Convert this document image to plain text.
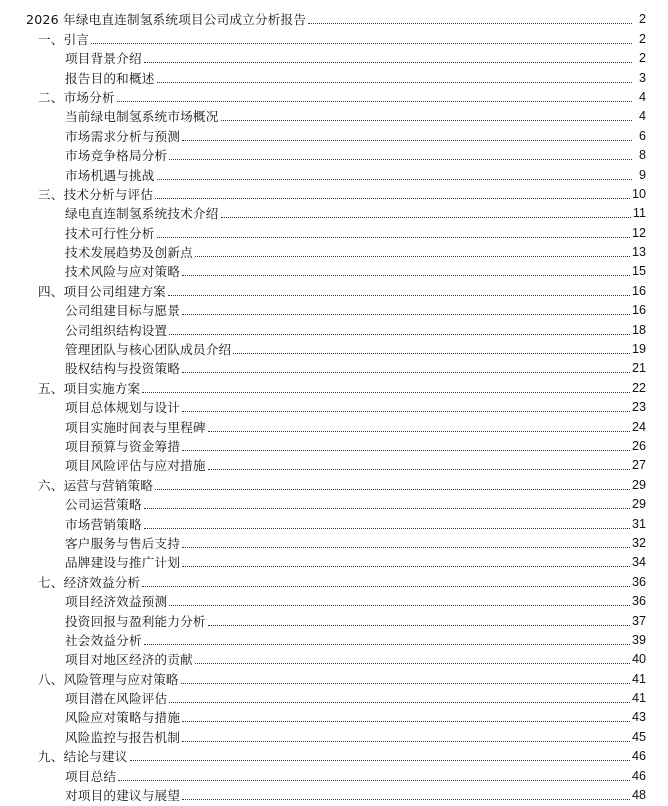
2026 年绿电直连制氢系统项目公司成立分析报告	2
一、引言	2
项目背景介绍	2
报告目的和概述	3
二、市场分析	4
当前绿电制氢系统市场概况	4
市场需求分析与预测	6
市场竞争格局分析	8
市场机遇与挑战	9
三、技术分析与评估	10
绿电直连制氢系统技术介绍	11
技术可行性分析	12
技术发展趋势及创新点	13
技术风险与应对策略	15
四、项目公司组建方案	16
公司组建目标与愿景	16
公司组织结构设置	18
管理团队与核心团队成员介绍	19
股权结构与投资策略	21
五、项目实施方案	22
项目总体规划与设计	23
项目实施时间表与里程碑	24
项目预算与资金筹措	26
项目风险评估与应对措施	27
六、运营与营销策略	29
公司运营策略	29
市场营销策略	31
客户服务与售后支持	32
品牌建设与推广计划	34
七、经济效益分析	36
项目经济效益预测	36
投资回报与盈利能力分析	37
社会效益分析	39
项目对地区经济的贡献	40
八、风险管理与应对策略	41
项目潜在风险评估	41
风险应对策略与措施	43
风险监控与报告机制	45
九、结论与建议	46
项目总结	46
对项目的建议与展望	48
